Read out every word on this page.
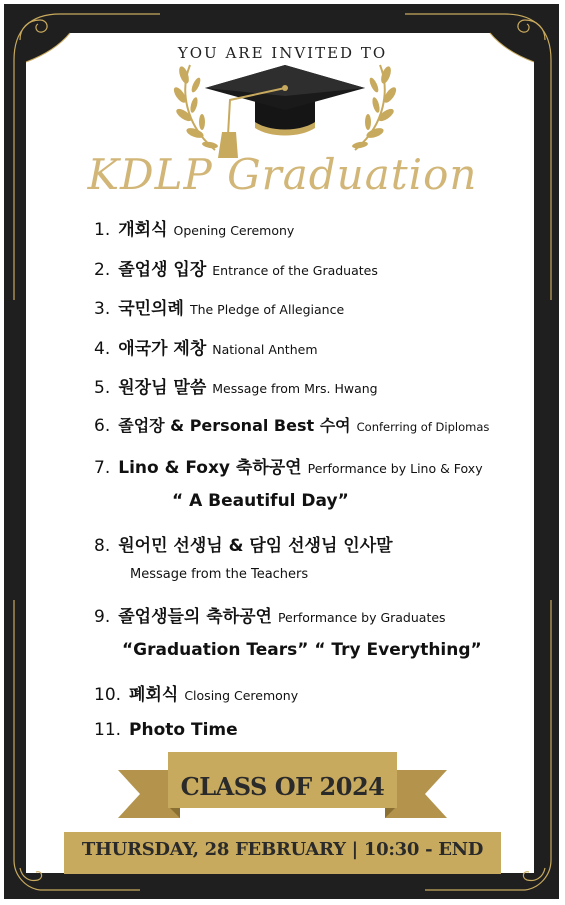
YOU ARE INVITED TO
KDLP Graduation
1. 개회식 Opening Ceremony
2. 졸업생 입장 Entrance of the Graduates
3. 국민의례 The Pledge of Allegiance
4. 애국가 제창 National Anthem
5. 원장님 말씀 Message from Mrs. Hwang
6. 졸업장 & Personal Best 수여 Conferring of Diplomas
7. Lino & Foxy 축하공연 Performance by Lino & Foxy
“ A Beautiful Day”
8. 원어민 선생님 & 담임 선생님 인사말
Message from the Teachers
9. 졸업생들의 축하공연 Performance by Graduates
“Graduation Tears” “ Try Everything”
10. 폐회식 Closing Ceremony
11. Photo Time
CLASS OF 2024
THURSDAY, 28 FEBRUARY | 10:30 - END
